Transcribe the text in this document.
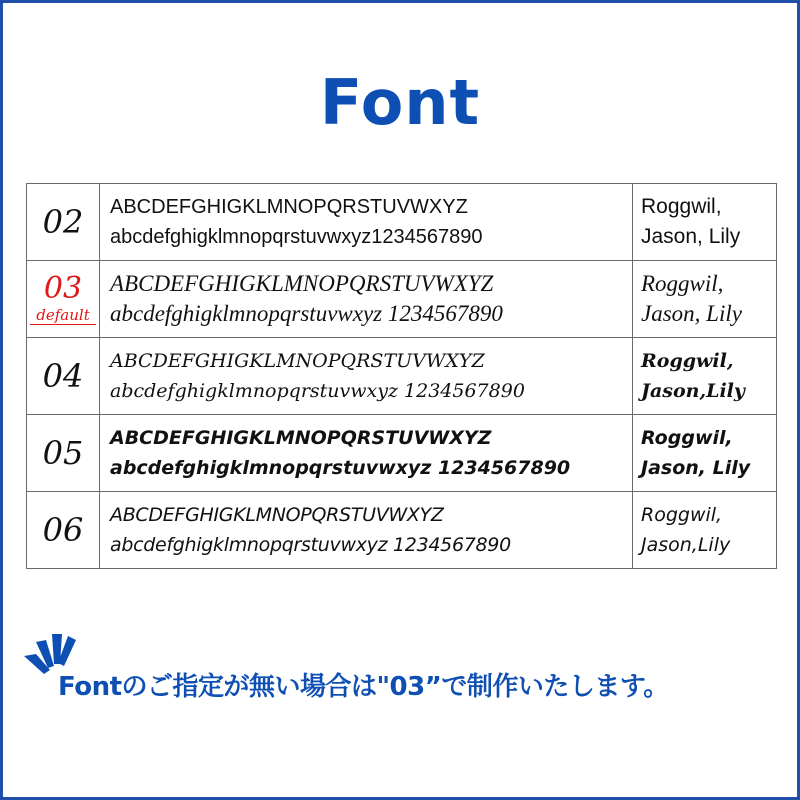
Font
02	ABCDEFGHIGKLMNOPQRSTUVWXYZ
abcdefghigklmnopqrstuvwxyz1234567890	Roggwil,
Jason, Lily

03
default	ABCDEFGHIGKLMNOPQRSTUVWXYZ
abcdefghigklmnopqrstuvwxyz 1234567890	Roggwil,
Jason, Lily

04	ABCDEFGHIGKLMNOPQRSTUVWXYZ
abcdefghigklmnopqrstuvwxyz 1234567890	Roggwil,
Jason,Lily

05	ABCDEFGHIGKLMNOPQRSTUVWXYZ
abcdefghigklmnopqrstuvwxyz 1234567890	Roggwil,
Jason, Lily

06	ABCDEFGHIGKLMNOPQRSTUVWXYZ
abcdefghigklmnopqrstuvwxyz 1234567890	Roggwil,
Jason,Lily
Fontのご指定が無い場合は"03”で制作いたします。
